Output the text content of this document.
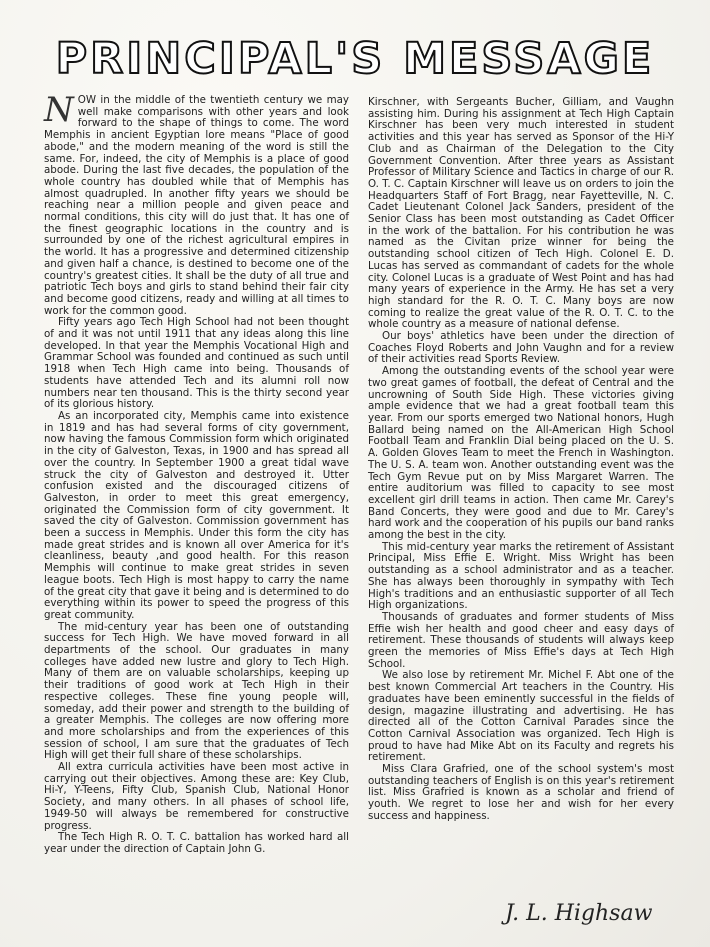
PRINCIPAL'S MESSAGE

NOW in the middle of the twentieth century we may well make comparisons with other years and look forward to the shape of things to come. The word Memphis in ancient Egyptian lore means "Place of good abode," and the modern meaning of the word is still the same. For, indeed, the city of Memphis is a place of good abode. During the last five decades, the population of the whole country has doubled while that of Memphis has almost quadrupled. In another fifty years we should be reaching near a million people and given peace and normal conditions, this city will do just that. It has one of the finest geographic locations in the country and is surrounded by one of the richest agricultural empires in the world. It has a progressive and determined citizenship and given half a chance, is destined to become one of the country's greatest cities. It shall be the duty of all true and patriotic Tech boys and girls to stand behind their fair city and become good citizens, ready and willing at all times to work for the common good.

Fifty years ago Tech High School had not been thought of and it was not until 1911 that any ideas along this line developed. In that year the Memphis Vocational High and Grammar School was founded and continued as such until 1918 when Tech High came into being. Thousands of students have attended Tech and its alumni roll now numbers near ten thousand. This is the thirty second year of its glorious history.

As an incorporated city, Memphis came into existence in 1819 and has had several forms of city government, now having the famous Commission form which originated in the city of Galveston, Texas, in 1900 and has spread all over the country. In September 1900 a great tidal wave struck the city of Galveston and destroyed it. Utter confusion existed and the discouraged citizens of Galveston, in order to meet this great emergency, originated the Commission form of city government. It saved the city of Galveston. Commission government has been a success in Memphis. Under this form the city has made great strides and is known all over America for it's cleanliness, beauty ,and good health. For this reason Memphis will continue to make great strides in seven league boots. Tech High is most happy to carry the name of the great city that gave it being and is determined to do everything within its power to speed the progress of this great community.

The mid-century year has been one of outstanding success for Tech High. We have moved forward in all departments of the school. Our graduates in many colleges have added new lustre and glory to Tech High. Many of them are on valuable scholarships, keeping up their traditions of good work at Tech High in their respective colleges. These fine young people will, someday, add their power and strength to the building of a greater Memphis. The colleges are now offering more and more scholarships and from the experiences of this session of school, I am sure that the graduates of Tech High will get their full share of these scholarships.

All extra curricula activities have been most active in carrying out their objectives. Among these are: Key Club, Hi-Y, Y-Teens, Fifty Club, Spanish Club, National Honor Society, and many others. In all phases of school life, 1949-50 will always be remembered for constructive progress.

The Tech High R. O. T. C. battalion has worked hard all year under the direction of Captain John G.

Kirschner, with Sergeants Bucher, Gilliam, and Vaughn assisting him. During his assignment at Tech High Captain Kirschner has been very much interested in student activities and this year has served as Sponsor of the Hi-Y Club and as Chairman of the Delegation to the City Government Convention. After three years as Assistant Professor of Military Science and Tactics in charge of our R. O. T. C. Captain Kirschner will leave us on orders to join the Headquarters Staff of Fort Bragg, near Fayetteville, N. C. Cadet Lieutenant Colonel Jack Sanders, president of the Senior Class has been most outstanding as Cadet Officer in the work of the battalion. For his contribution he was named as the Civitan prize winner for being the outstanding school citizen of Tech High. Colonel E. D. Lucas has served as commandant of cadets for the whole city. Colonel Lucas is a graduate of West Point and has had many years of experience in the Army. He has set a very high standard for the R. O. T. C. Many boys are now coming to realize the great value of the R. O. T. C. to the whole country as a measure of national defense.

Our boys' athletics have been under the direction of Coaches Floyd Roberts and John Vaughn and for a review of their activities read Sports Review.

Among the outstanding events of the school year were two great games of football, the defeat of Central and the uncrowning of South Side High. These victories giving ample evidence that we had a great football team this year. From our sports emerged two National honors, Hugh Ballard being named on the All-American High School Football Team and Franklin Dial being placed on the U. S. A. Golden Gloves Team to meet the French in Washington. The U. S. A. team won. Another outstanding event was the Tech Gym Revue put on by Miss Margaret Warren. The entire auditorium was filled to capacity to see most excellent girl drill teams in action. Then came Mr. Carey's Band Concerts, they were good and due to Mr. Carey's hard work and the cooperation of his pupils our band ranks among the best in the city.

This mid-century year marks the retirement of Assistant Principal, Miss Effie E. Wright. Miss Wright has been outstanding as a school administrator and as a teacher. She has always been thoroughly in sympathy with Tech High's traditions and an enthusiastic supporter of all Tech High organizations.

Thousands of graduates and former students of Miss Effie wish her health and good cheer and easy days of retirement. These thousands of students will always keep green the memories of Miss Effie's days at Tech High School.

We also lose by retirement Mr. Michel F. Abt one of the best known Commercial Art teachers in the Country. His graduates have been eminently successful in the fields of design, magazine illustrating and advertising. He has directed all of the Cotton Carnival Parades since the Cotton Carnival Association was organized. Tech High is proud to have had Mike Abt on its Faculty and regrets his retirement.

Miss Clara Grafried, one of the school system's most outstanding teachers of English is on this year's retirement list. Miss Grafried is known as a scholar and friend of youth. We regret to lose her and wish for her every success and happiness.

J. L. Highsaw
